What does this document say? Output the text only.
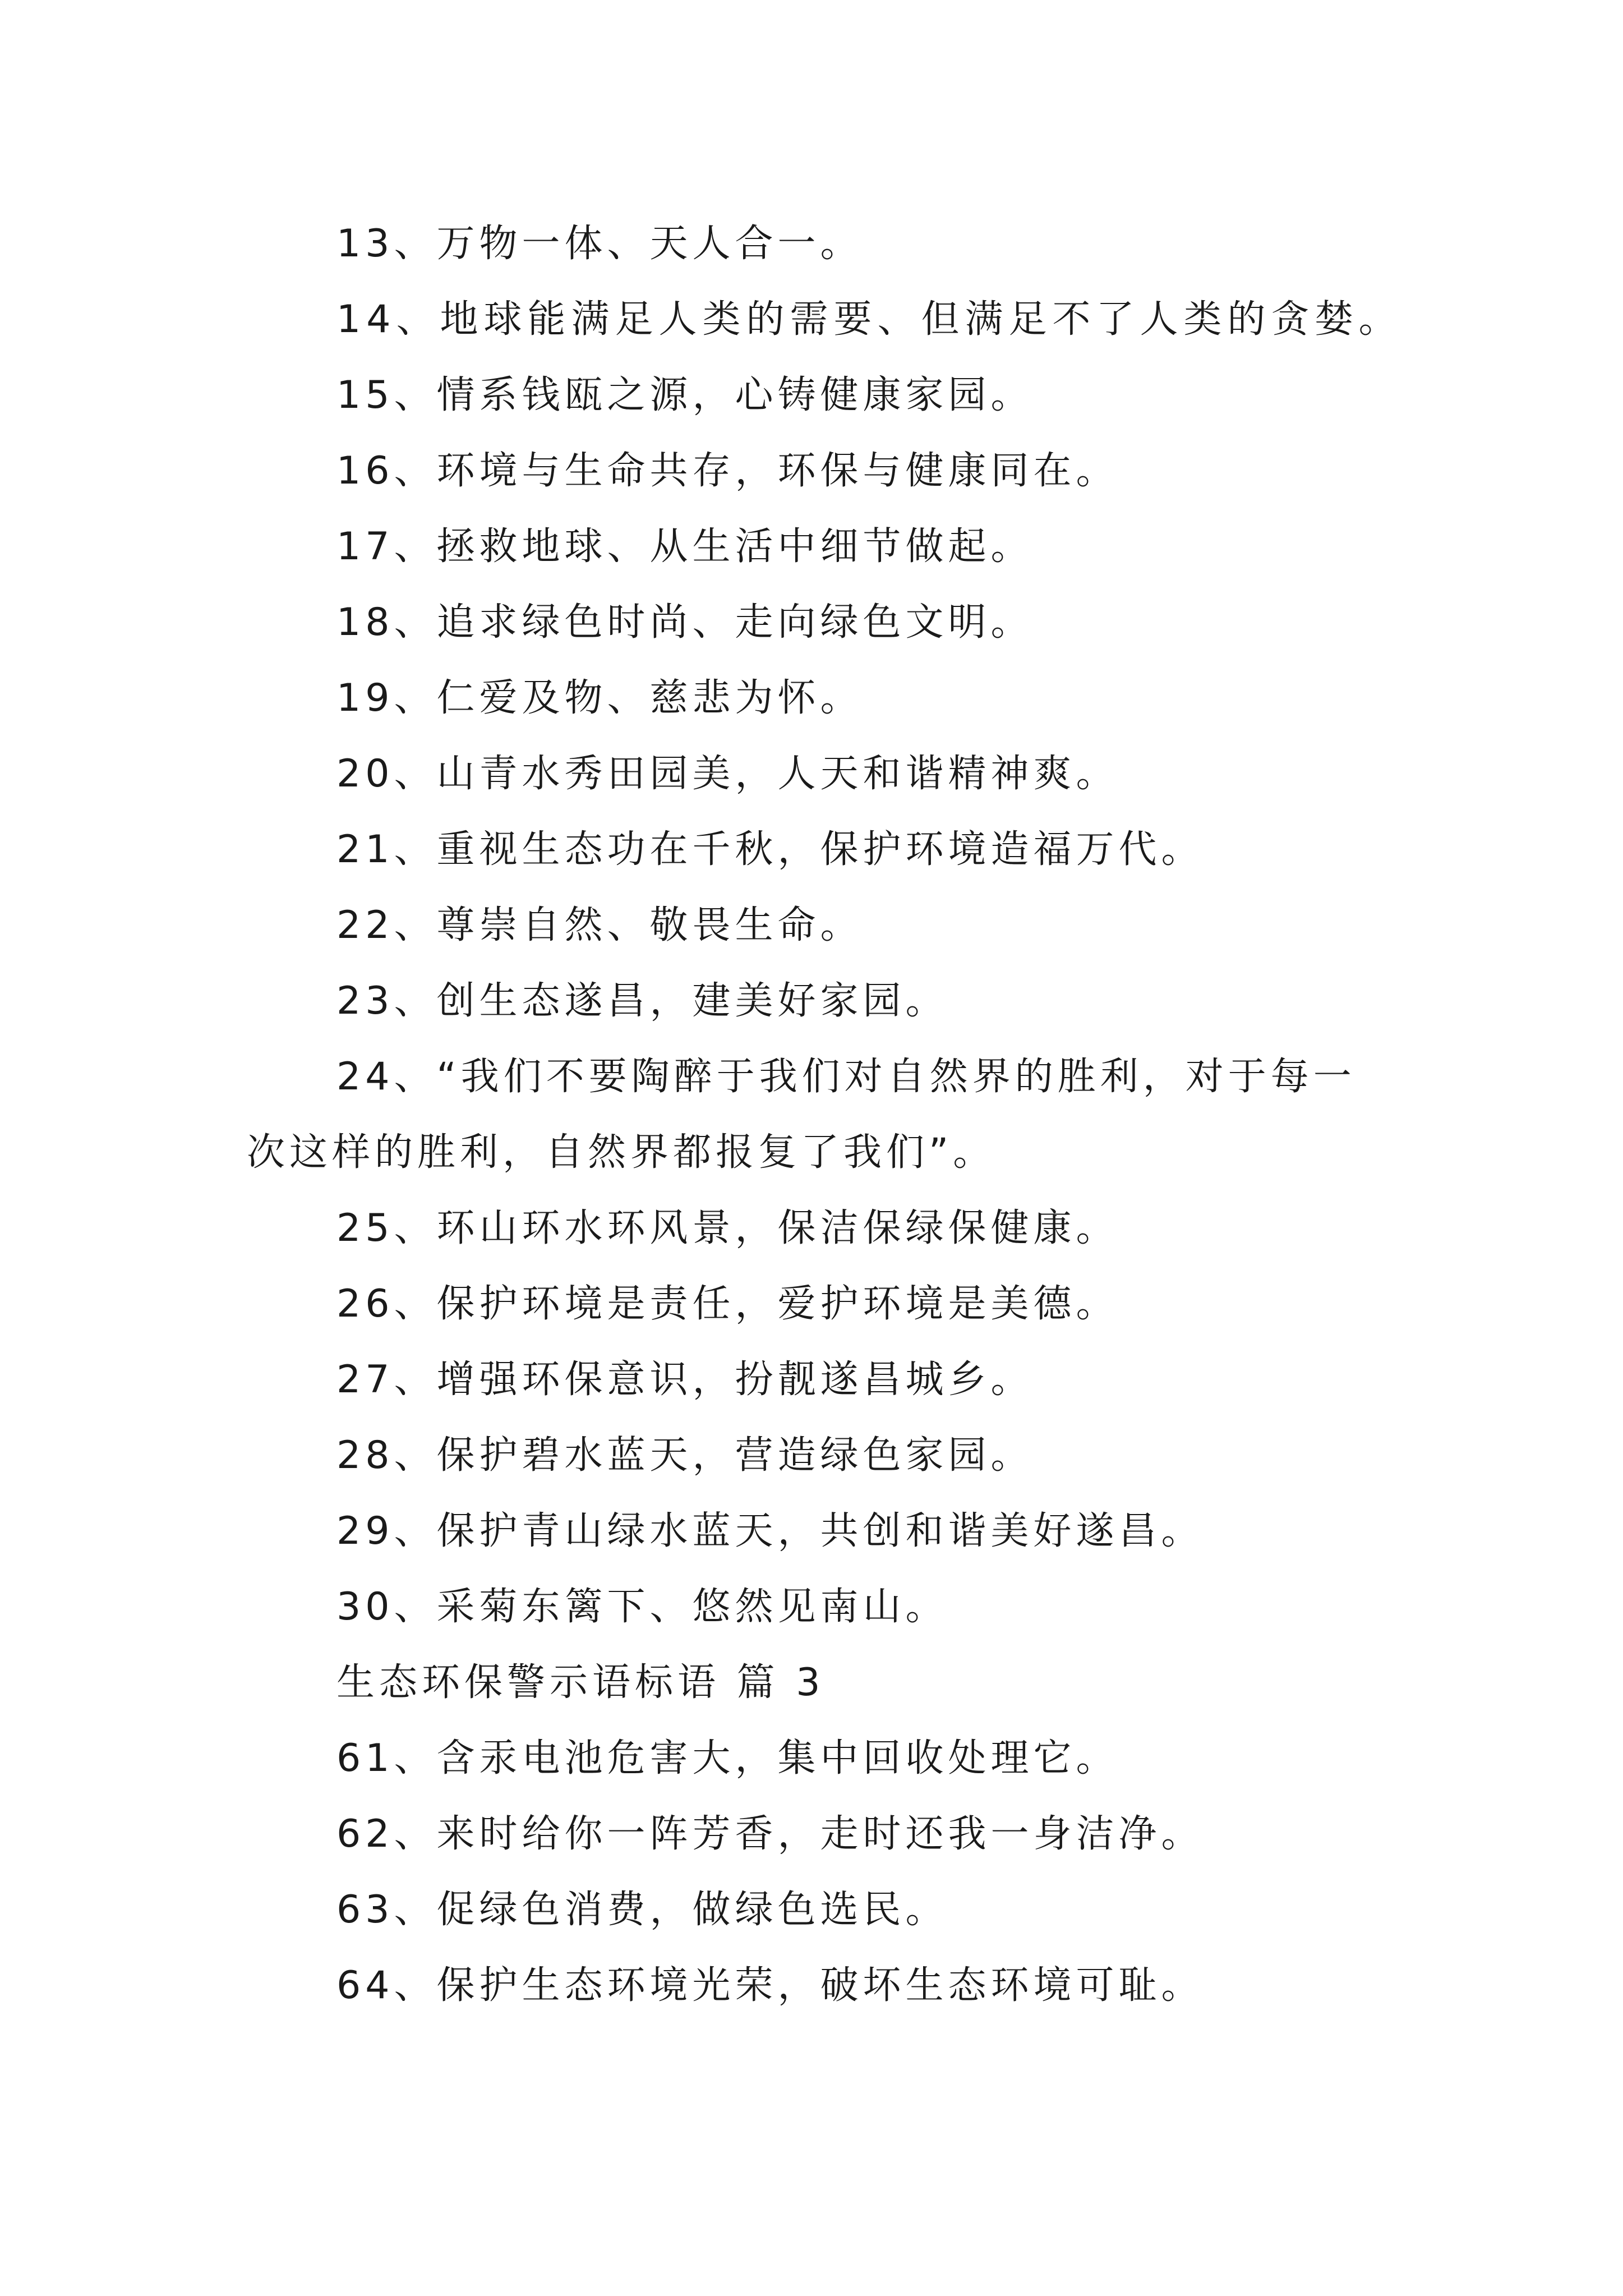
13、万物一体、天人合一。
14、地球能满足人类的需要、但满足不了人类的贪婪。
15、情系钱瓯之源，心铸健康家园。
16、环境与生命共存，环保与健康同在。
17、拯救地球、从生活中细节做起。
18、追求绿色时尚、走向绿色文明。
19、仁爱及物、慈悲为怀。
20、山青水秀田园美，人天和谐精神爽。
21、重视生态功在千秋，保护环境造福万代。
22、尊崇自然、敬畏生命。
23、创生态遂昌，建美好家园。
24、“我们不要陶醉于我们对自然界的胜利，对于每一
次这样的胜利，自然界都报复了我们”。
25、环山环水环风景，保洁保绿保健康。
26、保护环境是责任，爱护环境是美德。
27、增强环保意识，扮靓遂昌城乡。
28、保护碧水蓝天，营造绿色家园。
29、保护青山绿水蓝天，共创和谐美好遂昌。
30、采菊东篱下、悠然见南山。
生态环保警示语标语 篇 3
61、含汞电池危害大，集中回收处理它。
62、来时给你一阵芳香，走时还我一身洁净。
63、促绿色消费，做绿色选民。
64、保护生态环境光荣，破坏生态环境可耻。
